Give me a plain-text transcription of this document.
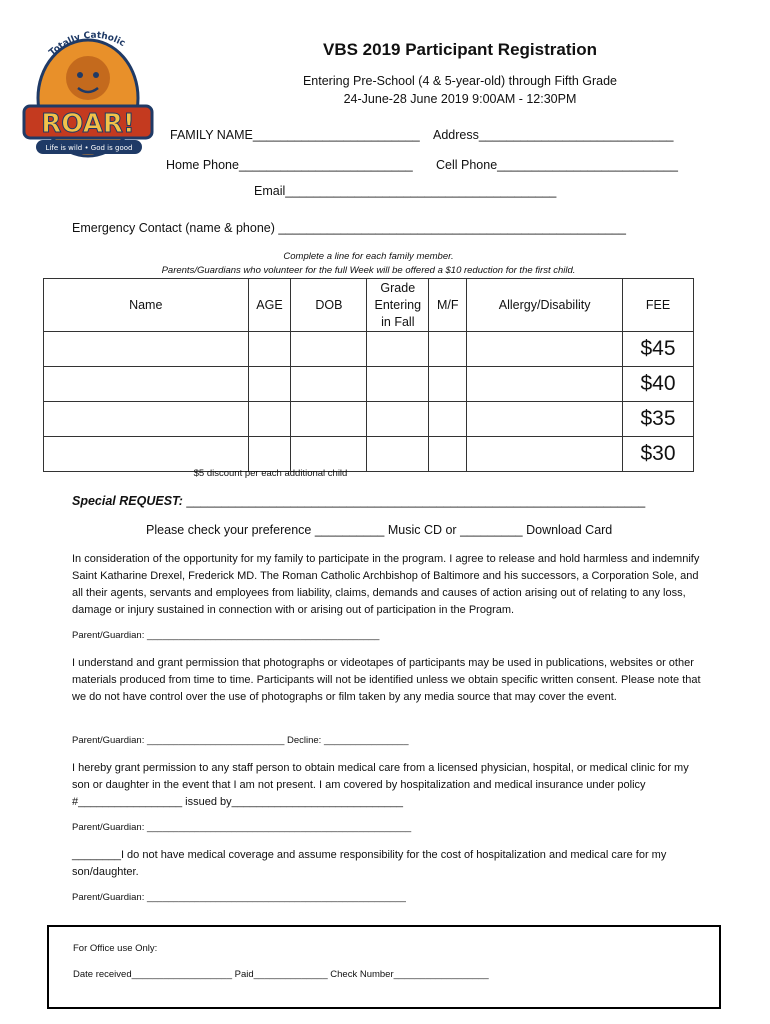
Totally Catholic
ROAR!
Life is wild • God is good
VBS 2019 Participant Registration
Entering Pre-School (4 & 5-year-old) through Fifth Grade
24-June-28 June 2019 9:00AM - 12:30PM
FAMILY NAME________________________ Address____________________________
Home Phone_________________________ Cell Phone__________________________
Email_______________________________________
Emergency Contact (name & phone) __________________________________________________
Complete a line for each family member.
Parents/Guardians who volunteer for the full Week will be offered a $10 reduction for the first child.
Name	AGE	DOB	Grade
Entering
in Fall	M/F	Allergy/Disability	FEE
						$45
						$40
						$35
						$30
$5 discount per each additional child
Special REQUEST: __________________________________________________________________
Please check your preference __________ Music CD or _________ Download Card
In consideration of the opportunity for my family to participate in the program. I agree to release and hold harmless and indemnify Saint Katharine Drexel, Frederick MD. The Roman Catholic Archbishop of Baltimore and his successors, a Corporation Sole, and all their agents, servants and employees from liability, claims, demands and causes of action arising out of relating to any loss, damage or injury sustained in connection with or arising out of participation in the Program.
Parent/Guardian: ____________________________________________
I understand and grant permission that photographs or videotapes of participants may be used in publications, websites or other materials produced from time to time. Participants will not be identified unless we obtain specific written consent. Please note that we do not have control over the use of photographs or film taken by any media source that may cover the event.
Parent/Guardian: __________________________ Decline: ________________
I hereby grant permission to any staff person to obtain medical care from a licensed physician, hospital, or medical clinic for my son or daughter in the event that I am not present. I am covered by hospitalization and medical insurance under policy #_________________ issued by____________________________
Parent/Guardian: __________________________________________________
________I do not have medical coverage and assume responsibility for the cost of hospitalization and medical care for my son/daughter.
Parent/Guardian: _________________________________________________
For Office use Only:
Date received___________________ Paid______________ Check Number__________________
